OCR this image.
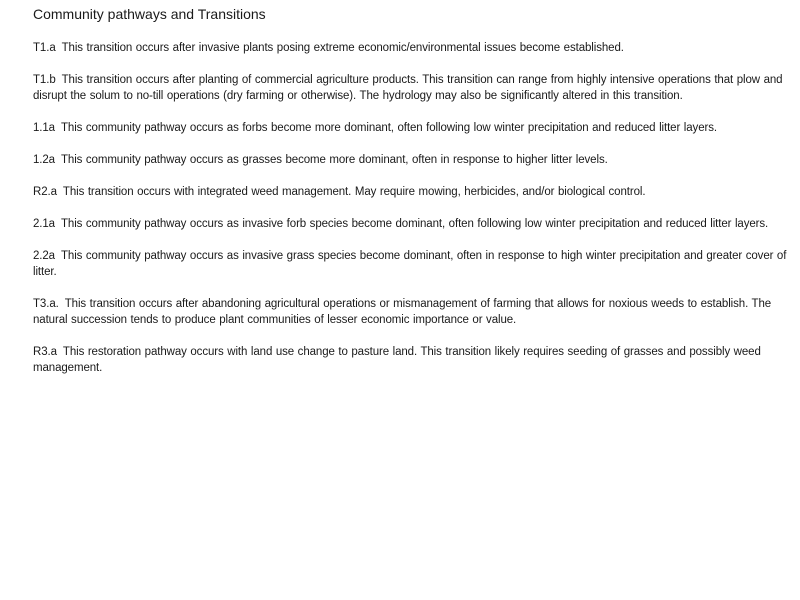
Community pathways and Transitions

T1.a This transition occurs after invasive plants posing extreme economic/environmental issues become established.

T1.b This transition occurs after planting of commercial agriculture products. This transition can range from highly intensive operations that plow and disrupt the solum to no-till operations (dry farming or otherwise). The hydrology may also be significantly altered in this transition.

1.1a This community pathway occurs as forbs become more dominant, often following low winter precipitation and reduced litter layers.

1.2a This community pathway occurs as grasses become more dominant, often in response to higher litter levels.

R2.a This transition occurs with integrated weed management. May require mowing, herbicides, and/or biological control.

2.1a This community pathway occurs as invasive forb species become dominant, often following low winter precipitation and reduced litter layers.

2.2a This community pathway occurs as invasive grass species become dominant, often in response to high winter precipitation and greater cover of litter.

T3.a. This transition occurs after abandoning agricultural operations or mismanagement of farming that allows for noxious weeds to establish. The natural succession tends to produce plant communities of lesser economic importance or value.

R3.a This restoration pathway occurs with land use change to pasture land. This transition likely requires seeding of grasses and possibly weed management.
